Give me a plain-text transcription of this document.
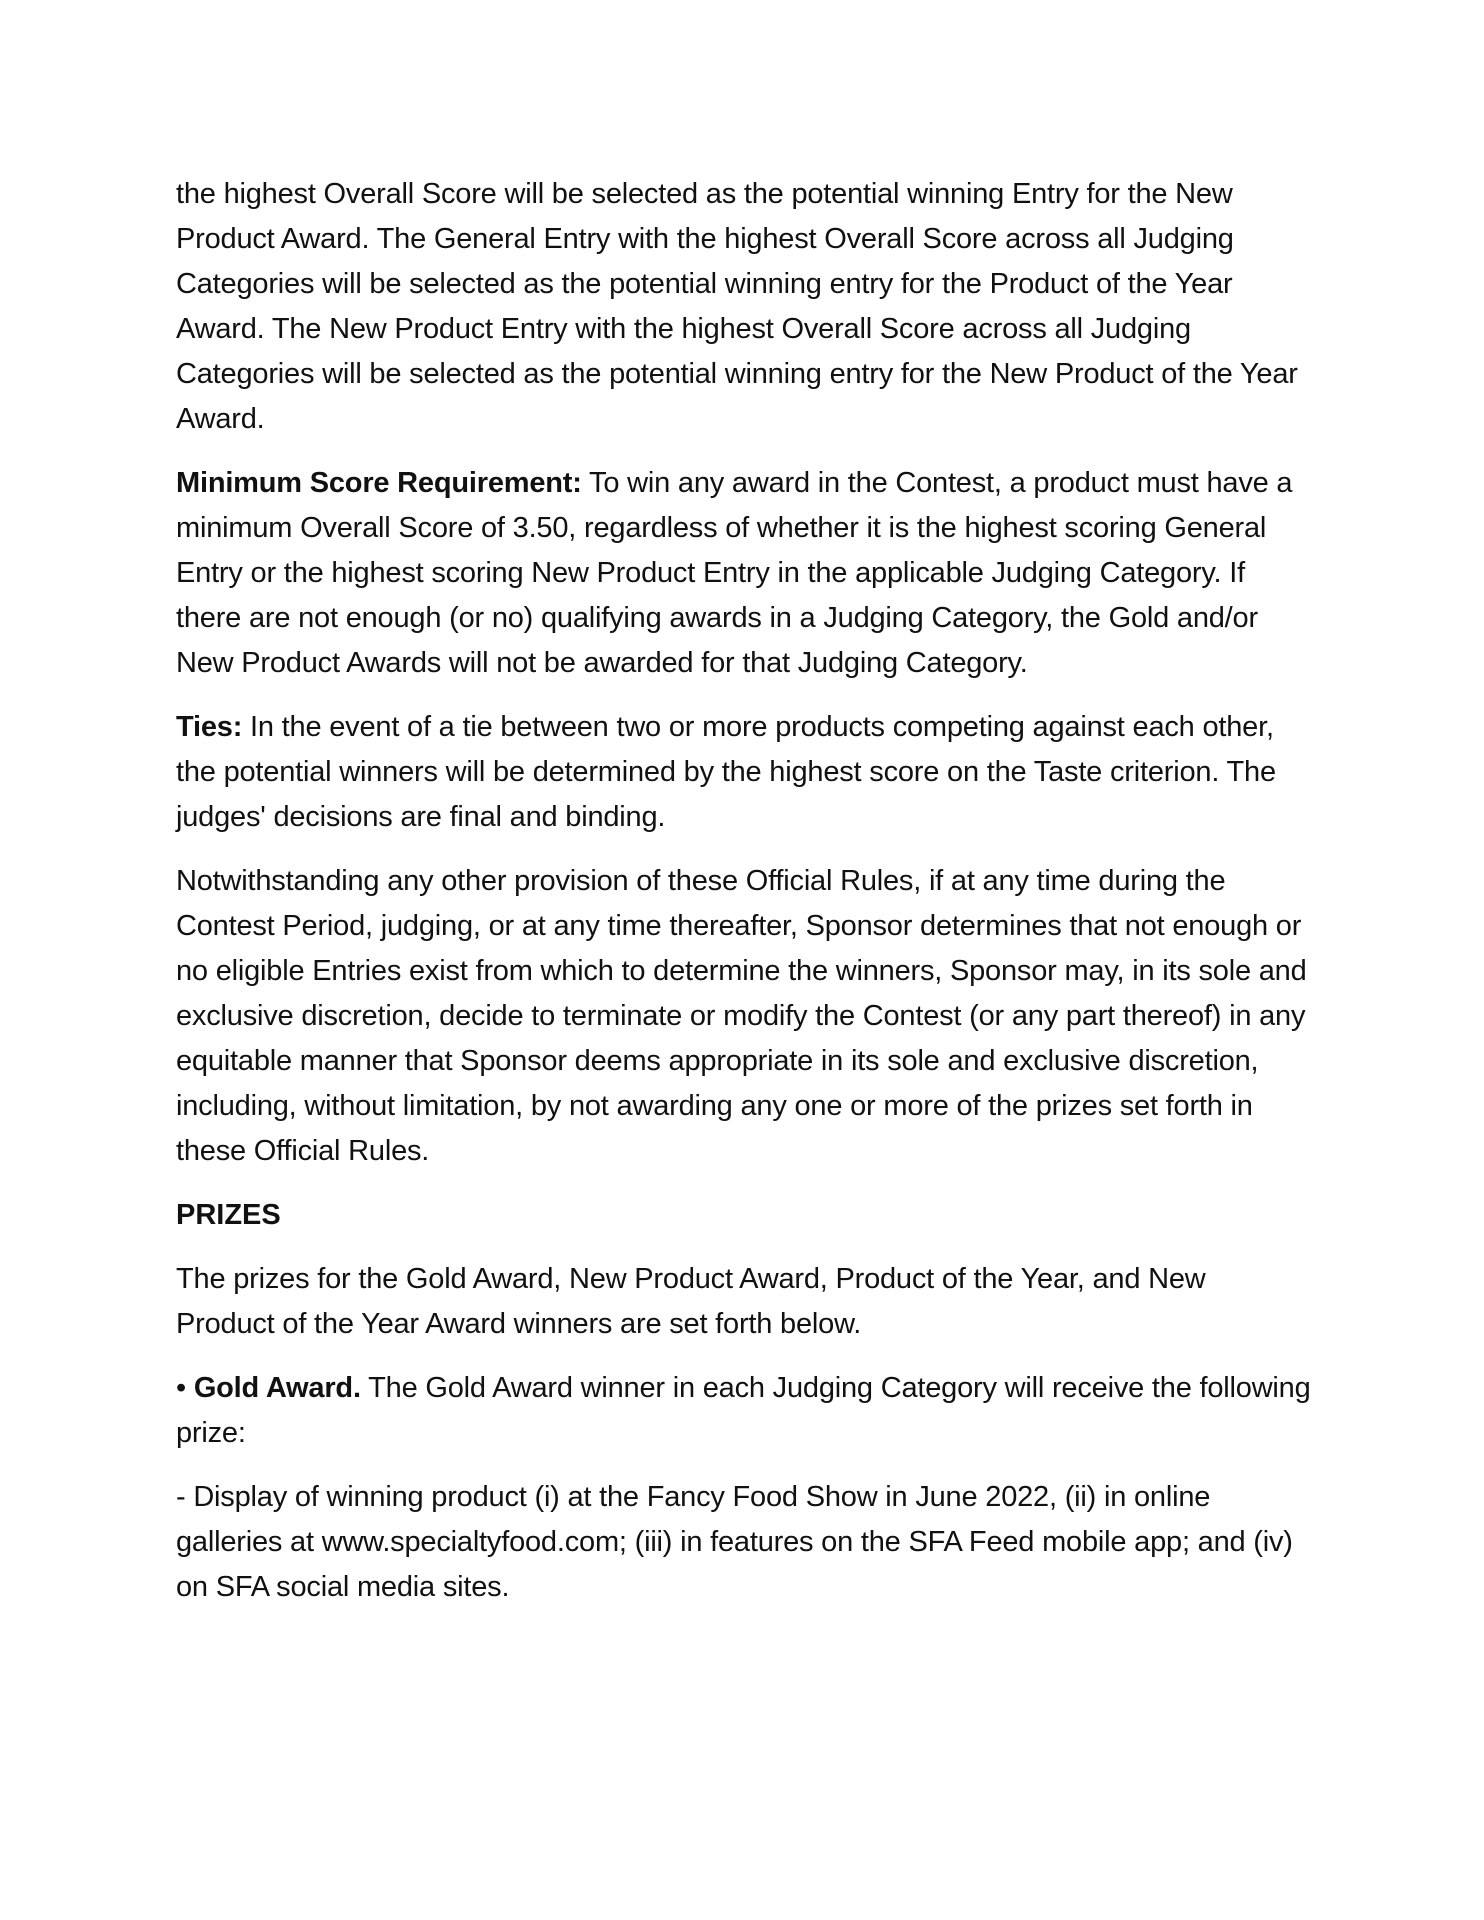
the highest Overall Score will be selected as the potential winning Entry for the New Product Award. The General Entry with the highest Overall Score across all Judging Categories will be selected as the potential winning entry for the Product of the Year Award. The New Product Entry with the highest Overall Score across all Judging Categories will be selected as the potential winning entry for the New Product of the Year Award.

Minimum Score Requirement: To win any award in the Contest, a product must have a minimum Overall Score of 3.50, regardless of whether it is the highest scoring General Entry or the highest scoring New Product Entry in the applicable Judging Category. If there are not enough (or no) qualifying awards in a Judging Category, the Gold and/or New Product Awards will not be awarded for that Judging Category.

Ties: In the event of a tie between two or more products competing against each other, the potential winners will be determined by the highest score on the Taste criterion. The judges' decisions are final and binding.

Notwithstanding any other provision of these Official Rules, if at any time during the Contest Period, judging, or at any time thereafter, Sponsor determines that not enough or no eligible Entries exist from which to determine the winners, Sponsor may, in its sole and exclusive discretion, decide to terminate or modify the Contest (or any part thereof) in any equitable manner that Sponsor deems appropriate in its sole and exclusive discretion, including, without limitation, by not awarding any one or more of the prizes set forth in these Official Rules.

PRIZES

The prizes for the Gold Award, New Product Award, Product of the Year, and New Product of the Year Award winners are set forth below.

• Gold Award. The Gold Award winner in each Judging Category will receive the following prize:

- Display of winning product (i) at the Fancy Food Show in June 2022, (ii) in online galleries at www.specialtyfood.com; (iii) in features on the SFA Feed mobile app; and (iv) on SFA social media sites.
